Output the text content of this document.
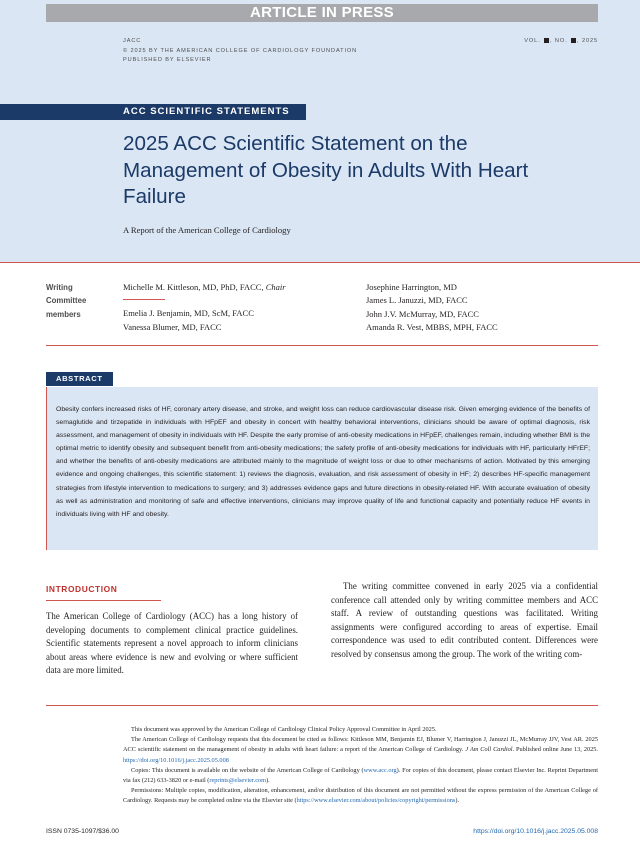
ARTICLE IN PRESS
JACC
© 2025 BY THE AMERICAN COLLEGE OF CARDIOLOGY FOUNDATION
PUBLISHED BY ELSEVIER
VOL. , NO. , 2025
ACC SCIENTIFIC STATEMENTS
2025 ACC Scientific Statement on the Management of Obesity in Adults With Heart Failure
A Report of the American College of Cardiology
Writing
Committee
members
Michelle M. Kittleson, MD, PhD, FACC, Chair
Emelia J. Benjamin, MD, ScM, FACC
Vanessa Blumer, MD, FACC
Josephine Harrington, MD
James L. Januzzi, MD, FACC
John J.V. McMurray, MD, FACC
Amanda R. Vest, MBBS, MPH, FACC
ABSTRACT

Obesity confers increased risks of HF, coronary artery disease, and stroke, and weight loss can reduce cardiovascular disease risk. Given emerging evidence of the benefits of semaglutide and tirzepatide in individuals with HFpEF and obesity in concert with healthy behavioral interventions, clinicians should be aware of optimal diagnosis, risk assessment, and management of obesity in individuals with HF. Despite the early promise of anti-obesity medications in HFpEF, challenges remain, including whether BMI is the optimal metric to identify obesity and subsequent benefit from anti-obesity medications; the safety profile of anti-obesity medications for individuals with HF, particularly HFrEF; and whether the benefits of anti-obesity medications are attributed mainly to the magnitude of weight loss or due to other mechanisms of action. Motivated by this emerging evidence and ongoing challenges, this scientific statement: 1) reviews the diagnosis, evaluation, and risk assessment of obesity in HF; 2) describes HF-specific management strategies from lifestyle intervention to medications to surgery; and 3) addresses evidence gaps and future directions in obesity-related HF. With accurate evaluation of obesity as well as administration and monitoring of safe and effective interventions, clinicians may improve quality of life and functional capacity and potentially reduce HF events in individuals living with HF and obesity.

INTRODUCTION

The American College of Cardiology (ACC) has a long history of developing documents to complement clinical practice guidelines. Scientific statements represent a novel approach to inform clinicians about areas where evidence is new and evolving or where sufficient data are more limited.

The writing committee convened in early 2025 via a confidential conference call attended only by writing committee members and ACC staff. A review of outstanding questions was facilitated. Writing assignments were configured according to areas of expertise. Email correspondence was used to edit contributed content. Differences were resolved by consensus among the group. The work of the writing com-

This document was approved by the American College of Cardiology Clinical Policy Approval Committee in April 2025.

The American College of Cardiology requests that this document be cited as follows: Kittleson MM, Benjamin EJ, Blumer V, Harrington J, Januzzi JL, McMurray JJV, Vest AR. 2025 ACC scientific statement on the management of obesity in adults with heart failure: a report of the American College of Cardiology. J Am Coll Cardiol. Published online June 13, 2025. https://doi.org/10.1016/j.jacc.2025.05.008

Copies: This document is available on the website of the American College of Cardiology (www.acc.org). For copies of this document, please contact Elsevier Inc. Reprint Department via fax (212) 633-3820 or e-mail (reprints@elsevier.com).

Permissions: Multiple copies, modification, alteration, enhancement, and/or distribution of this document are not permitted without the express permission of the American College of Cardiology. Requests may be completed online via the Elsevier site (https://www.elsevier.com/about/policies/copyright/permissions).

ISSN 0735-1097/$36.00	https://doi.org/10.1016/j.jacc.2025.05.008
